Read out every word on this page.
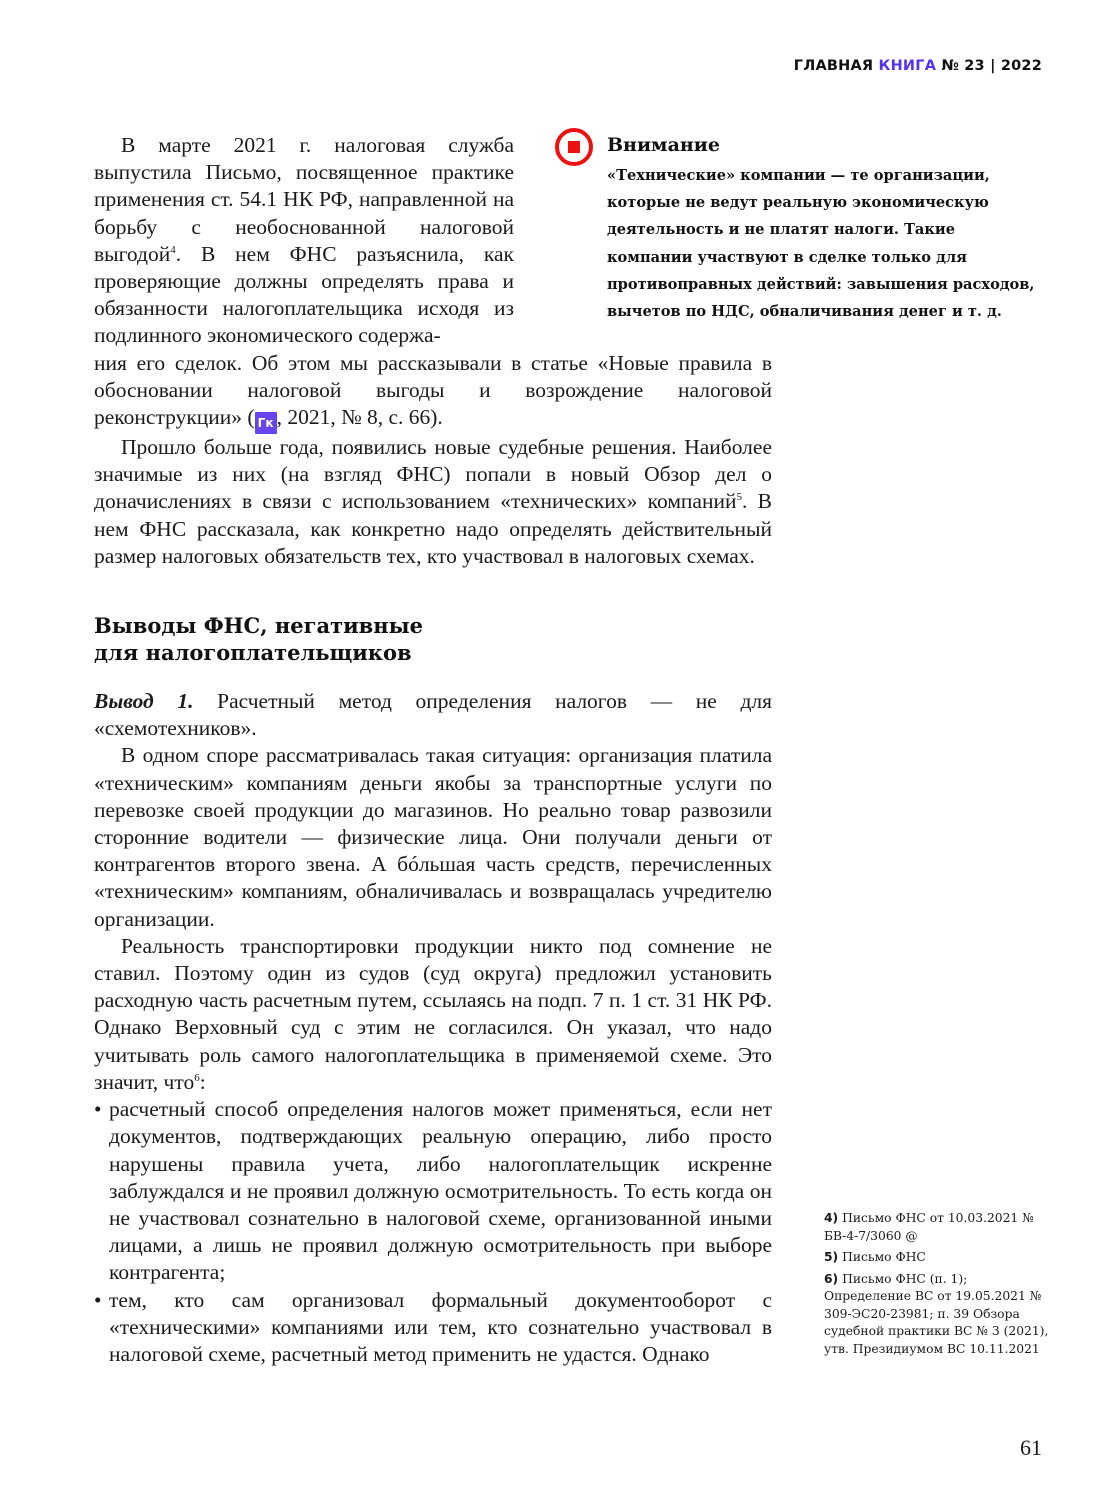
ГЛАВНАЯ КНИГА № 23 | 2022
Внимание
«Технические» компании — те организации, которые не ведут реальную экономическую деятельность и не платят налоги. Такие компании участвуют в сделке только для противоправных действий: завышения расходов, вычетов по НДС, обналичивания денег и т. д.

В марте 2021 г. налоговая служба выпустила Письмо, посвященное практике применения ст. 54.1 НК РФ, направленной на борьбу с необоснованной налоговой выгодой$^4$. В нем ФНС разъяснила, как проверяющие должны определять права и обязанности налогоплательщика исходя из подлинного экономического содержа-

ния его сделок. Об этом мы рассказывали в статье «Новые правила в обосновании налоговой выгоды и возрождение налоговой реконструкции» ( Гк , 2021, № 8, с. 66).

Прошло больше года, появились новые судебные решения. Наиболее значимые из них (на взгляд ФНС) попали в новый Обзор дел о доначислениях в связи с использованием «технических» компаний$^5$. В нем ФНС рассказала, как конкретно надо определять действительный размер налоговых обязательств тех, кто участвовал в налоговых схемах.

Выводы ФНС, негативные
для налогоплательщиков

Вывод 1. Расчетный метод определения налогов — не для «схемотехников».

В одном споре рассматривалась такая ситуация: организация платила «техническим» компаниям деньги якобы за транспортные услуги по перевозке своей продукции до магазинов. Но реально товар развозили сторонние водители — физические лица. Они получали деньги от контрагентов второго звена. А бóльшая часть средств, перечисленных «техническим» компаниям, обналичивалась и возвращалась учредителю организации.

Реальность транспортировки продукции никто под сомнение не ставил. Поэтому один из судов (суд округа) предложил установить расходную часть расчетным путем, ссылаясь на подп. 7 п. 1 ст. 31 НК РФ. Однако Верховный суд с этим не согласился. Он указал, что надо учитывать роль самого налогоплательщика в применяемой схеме. Это значит, что$^6$:

• расчетный способ определения налогов может применяться, если нет документов, подтверждающих реальную операцию, либо просто нарушены правила учета, либо налогоплательщик искренне заблуждался и не проявил должную осмотрительность. То есть когда он не участвовал сознательно в налоговой схеме, организованной иными лицами, а лишь не проявил должную осмотрительность при выборе контрагента;
• тем, кто сам организовал формальный документооборот с «техническими» компаниями или тем, кто сознательно участвовал в налоговой схеме, расчетный метод применить не удастся. Однако
4) Письмо ФНС от 10.03.2021 № БВ-4-7/3060 @
5) Письмо ФНС
6) Письмо ФНС (п. 1); Определение ВС от 19.05.2021 № 309-ЭС20-23981; п. 39 Обзора судебной практики ВС № 3 (2021), утв. Президиумом ВС 10.11.2021
61
